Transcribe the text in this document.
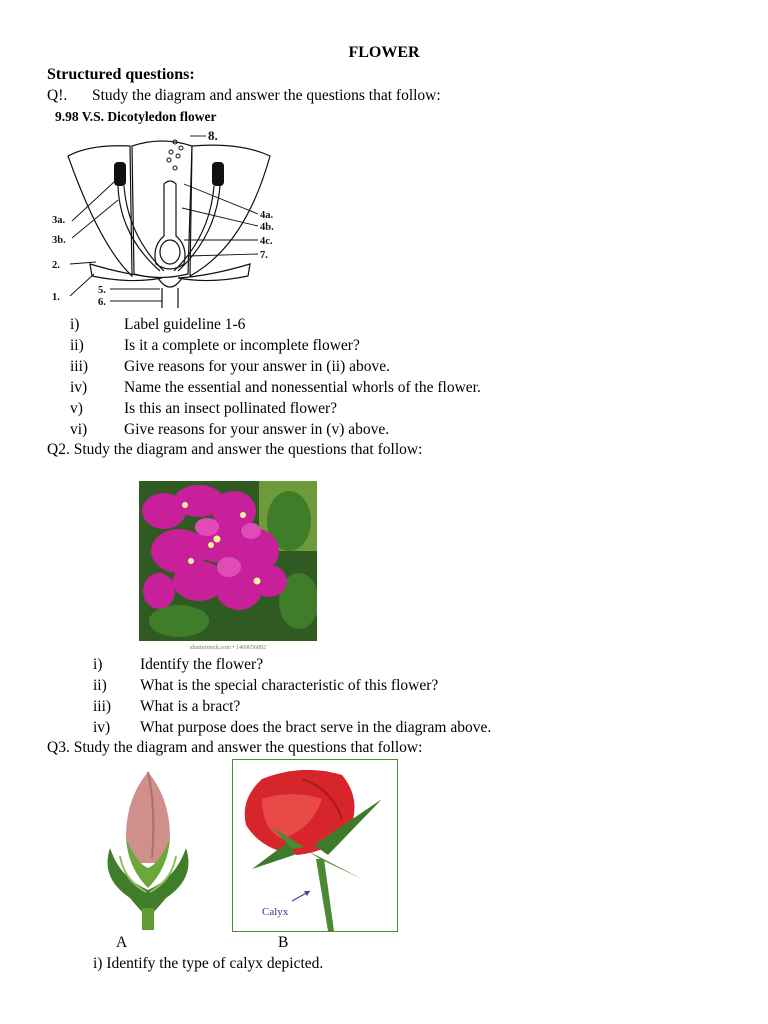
FLOWER
Structured questions:
Q!. Study the diagram and answer the questions that follow:
9.98 V.S. Dicotyledon flower
8.
3a.
3b.
2.
1.
5.
6.
4a.
4b.
4c.
7.
i)	Label guideline 1-6
ii)	Is it a complete or incomplete flower?
iii) Give reasons for your answer in (ii) above.
iv) Name the essential and nonessential whorls of the flower.
v)	Is this an insect pollinated flower?
vi) Give reasons for your answer in (v) above.
Q2. Study the diagram and answer the questions that follow:
shutterstock.com • 1469656892
i) Identify the flower?
ii) What is the special characteristic of this flower?
iii) What is a bract?
iv) What purpose does the bract serve in the diagram above.
Q3. Study the diagram and answer the questions that follow:
Calyx
A	B
i) Identify the type of calyx depicted.
